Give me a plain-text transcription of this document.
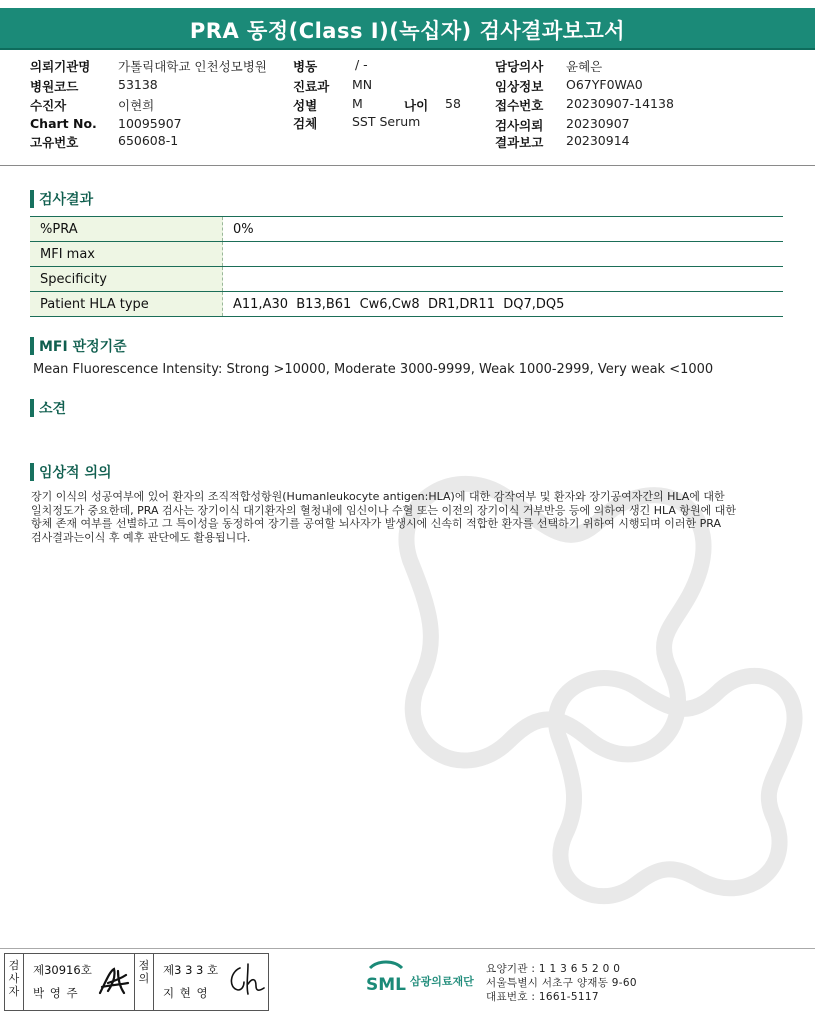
PRA 동정(Class I)(녹십자) 검사결과보고서
의뢰기관명 가톨릭대학교 인천성모병원
병원코드	53138
수진자	이현희
Chart No. 10095907
고유번호	650608-1
병동	/ -
진료과 MN
성별	M	나이 58
검체	SST Serum
담당의사 윤혜은
임상정보 O67YF0WA0
접수번호 20230907-14138
검사의뢰 20230907
결과보고 20230914
검사결과
%PRA	0%
MFI max	
Specificity	
Patient HLA type	A11,A30  B13,B61  Cw6,Cw8  DR1,DR11  DQ7,DQ5
MFI 판정기준
Mean Fluorescence Intensity: Strong >10000, Moderate 3000-9999, Weak 1000-2999, Very weak <1000
소견
임상적 의의
장기 이식의 성공여부에 있어 환자의 조직적합성항원(Humanleukocyte antigen:HLA)에 대한 감작여부 및 환자와 장기공여자간의 HLA에 대한
일치정도가 중요한데, PRA 검사는 장기이식 대기환자의 혈청내에 임신이나 수혈 또는 이전의 장기이식 거부반응 등에 의하여 생긴 HLA 항원에 대한
항체 존재 여부를 선별하고 그 특이성을 동정하여 장기를 공여할 뇌사자가 발생시에 신속히 적합한 환자를 선택하기 위하여 시행되며 이러한 PRA
검사결과는이식 후 예후 판단에도 활용됩니다.
검사자
제30916호
박 영 주
점의
제3 3 3 호
지 현 영	SML 삼광의료재단
요양기관 : 1 1 3 6 5 2 0 0
서울특별시 서초구 양재동 9-60
대표번호 : 1661-5117
